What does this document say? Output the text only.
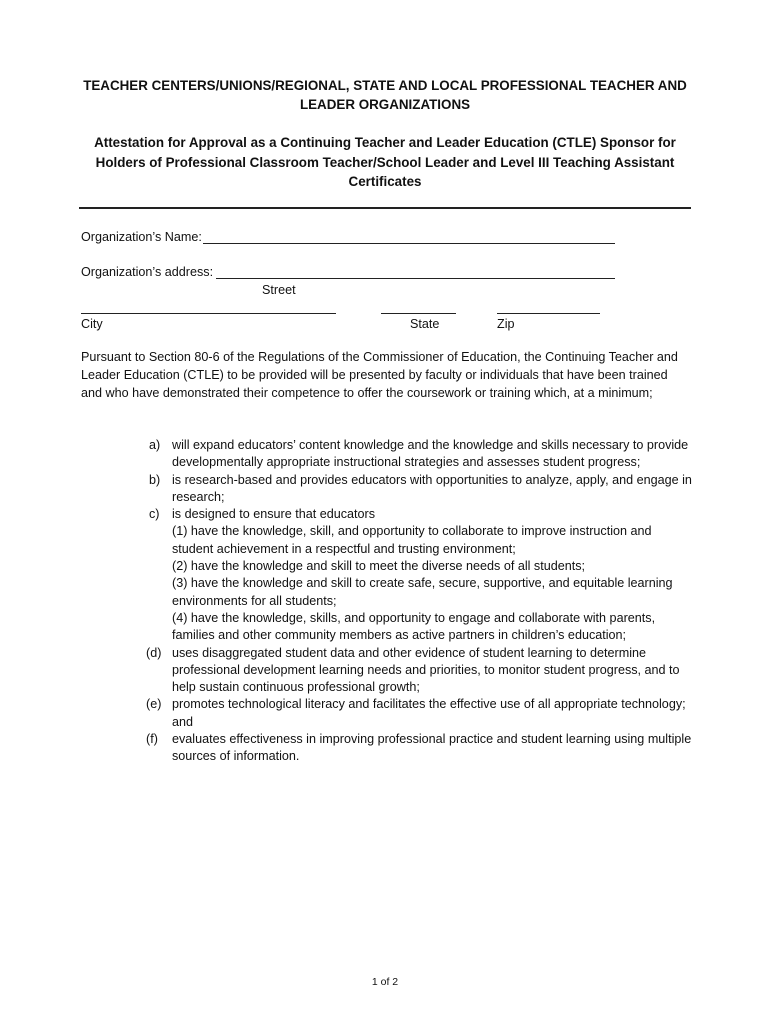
TEACHER CENTERS/UNIONS/REGIONAL, STATE AND LOCAL PROFESSIONAL TEACHER AND
LEADER ORGANIZATIONS
Attestation for Approval as a Continuing Teacher and Leader Education (CTLE) Sponsor for
Holders of Professional Classroom Teacher/School Leader and Level III Teaching Assistant
Certificates
Organization’s Name:
Organization’s address:
Street
City	State	Zip
Pursuant to Section 80-6 of the Regulations of the Commissioner of Education, the Continuing Teacher and
Leader Education (CTLE) to be provided will be presented by faculty or individuals that have been trained
and who have demonstrated their competence to offer the coursework or training which, at a minimum;
a) will expand educators’ content knowledge and the knowledge and skills necessary to provide developmentally appropriate instructional strategies and assesses student progress;
b) is research-based and provides educators with opportunities to analyze, apply, and engage in research;
c) is designed to ensure that educators
(1) have the knowledge, skill, and opportunity to collaborate to improve instruction and student achievement in a respectful and trusting environment;
(2) have the knowledge and skill to meet the diverse needs of all students;
(3) have the knowledge and skill to create safe, secure, supportive, and equitable learning environments for all students;
(4) have the knowledge, skills, and opportunity to engage and collaborate with parents, families and other community members as active partners in children’s education;
(d) uses disaggregated student data and other evidence of student learning to determine professional development learning needs and priorities, to monitor student progress, and to help sustain continuous professional growth;
(e) promotes technological literacy and facilitates the effective use of all appropriate technology; and
(f) evaluates effectiveness in improving professional practice and student learning using multiple sources of information.
1 of 2
